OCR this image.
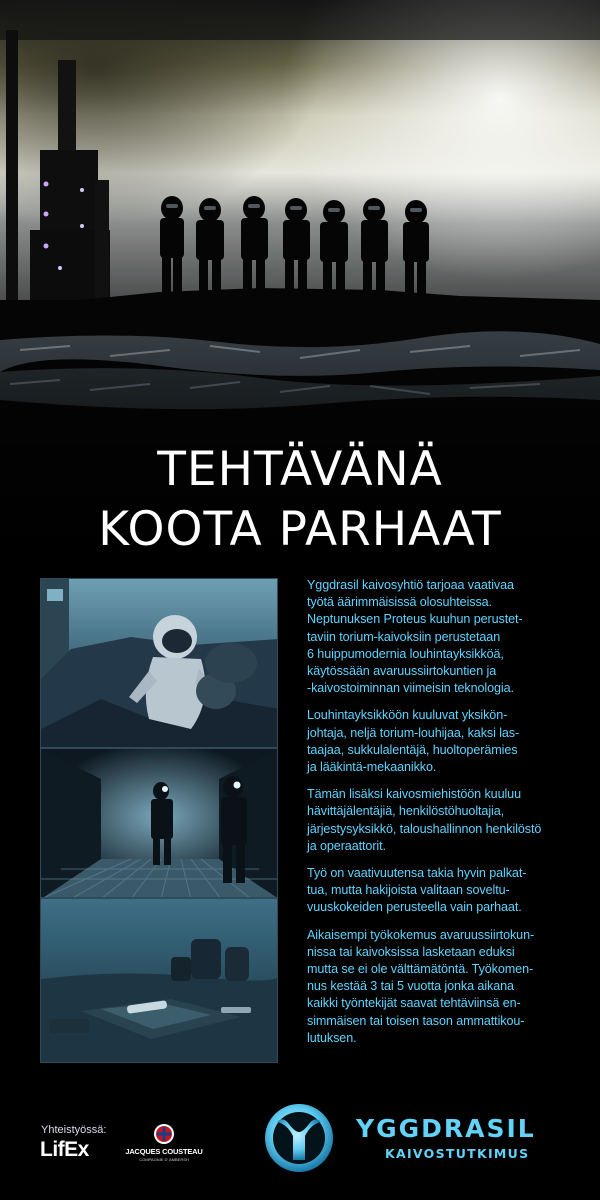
TEHTÄVÄNÄ
KOOTA PARHAAT

Yggdrasil kaivosyhtiö tarjoaa vaativaa
työtä äärimmäisissä olosuhteissa.
Neptunuksen Proteus kuuhun perustet-
taviin torium-kaivoksiin perustetaan
6 huippumodernia louhintayksikköä,
käytössään avaruussiirtokuntien ja
-kaivostoiminnan viimeisin teknologia.

Louhintayksikköön kuuluvat yksikön-
johtaja, neljä torium-louhijaa, kaksi las-
taajaa, sukkulalentäjä, huoltoperämies
ja lääkintä-mekaanikko.

Tämän lisäksi kaivosmiehistöön kuuluu
hävittäjälentäjiä, henkilöstöhuoltajia,
järjestysyksikkö, taloushallinnon henkilöstö
ja operaattorit.

Työ on vaativuutensa takia hyvin palkat-
tua, mutta hakijoista valitaan soveltu-
vuuskokeiden perusteella vain parhaat.

Aikaisempi työkokemus avaruussiirtokun-
nissa tai kaivoksissa lasketaan eduksi
mutta se ei ole välttämätöntä. Työkomen-
nus kestää 3 tai 5 vuotta jonka aikana
kaikki työntekijät saavat tehtäviinsä en-
simmäisen tai toisen tason ammattikou-
lutuksen.

Yhteistyössä:
LifEx	JACQUES COUSTEAU
COMPAGNIE D' AMBERSH
YGGDRASIL
KAIVOSTUTKIMUS
